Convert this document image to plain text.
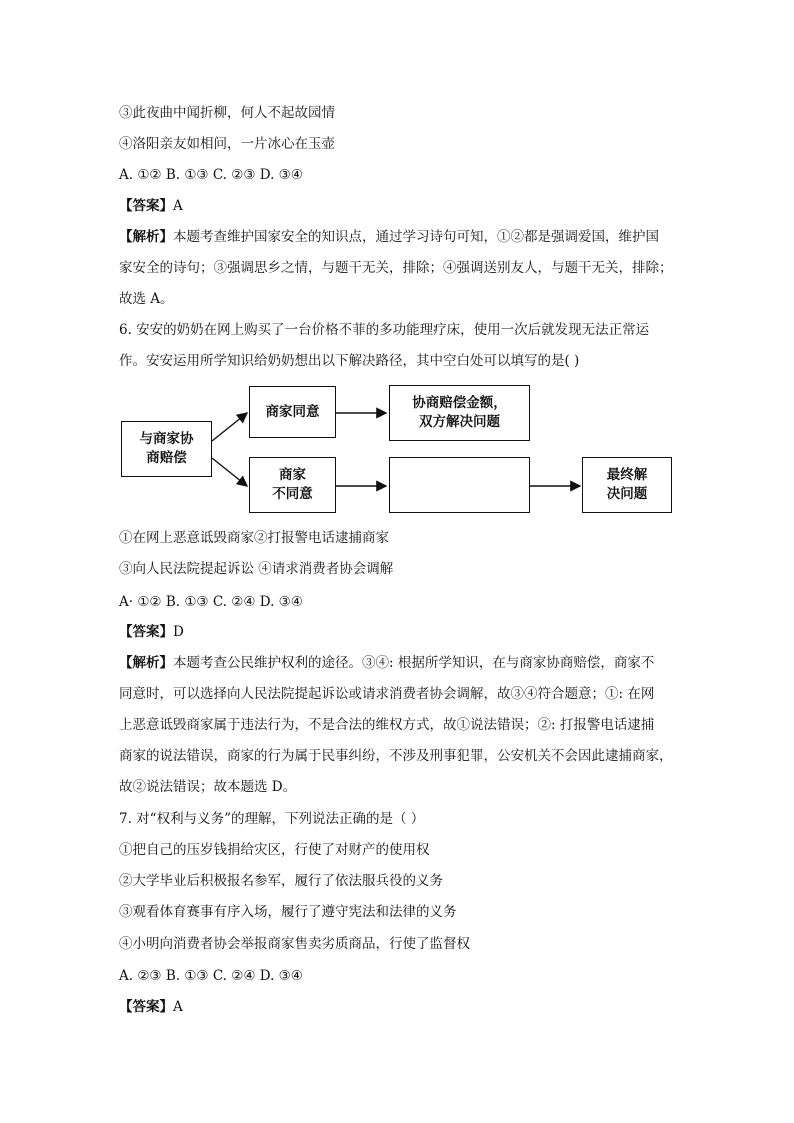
③此夜曲中闻折柳，何人不起故园情
④洛阳亲友如相问，一片冰心在玉壶
A. ①② B. ①③ C. ②③ D. ③④
【答案】A
【解析】本题考查维护国家安全的知识点，通过学习诗句可知，①②都是强调爱国，维护国
家安全的诗句；③强调思乡之情，与题干无关，排除；④强调送别友人，与题干无关，排除；
故选 A。
6. 安安的奶奶在网上购买了一台价格不菲的多功能理疗床，使用一次后就发现无法正常运
作。安安运用所学知识给奶奶想出以下解决路径，其中空白处可以填写的是( )
与商家协
商赔偿
商家同意
协商赔偿金额，
双方解决问题
商家
不同意
最终解
决问题
①在网上恶意诋毁商家②打报警电话逮捕商家
③向人民法院提起诉讼 ④请求消费者协会调解
A· ①② B. ①③ C. ②④ D. ③④
【答案】D
【解析】本题考查公民维护权利的途径。③④: 根据所学知识，在与商家协商赔偿，商家不
同意时，可以选择向人民法院提起诉讼或请求消费者协会调解，故③④符合题意；①: 在网
上恶意诋毁商家属于违法行为，不是合法的维权方式，故①说法错误；②: 打报警电话逮捕
商家的说法错误，商家的行为属于民事纠纷，不涉及刑事犯罪，公安机关不会因此逮捕商家，
故②说法错误；故本题选 D。
7. 对“权利与义务”的理解，下列说法正确的是（ ）
①把自己的压岁钱捐给灾区，行使了对财产的使用权
②大学毕业后积极报名参军，履行了依法服兵役的义务
③观看体育赛事有序入场，履行了遵守宪法和法律的义务
④小明向消费者协会举报商家售卖劣质商品，行使了监督权
A. ②③ B. ①③ C. ②④ D. ③④
【答案】A
